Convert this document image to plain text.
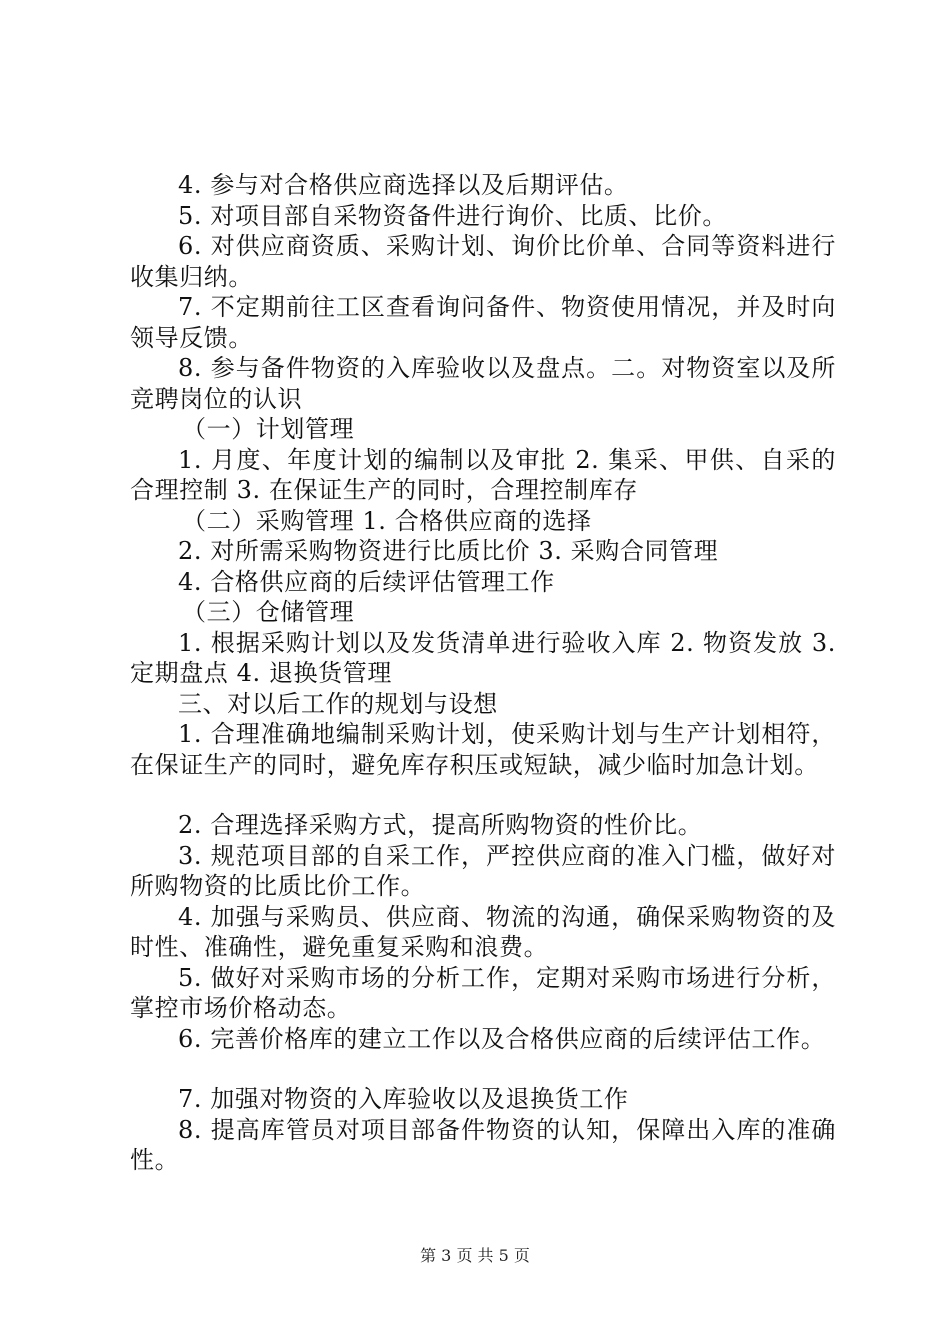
4. 参与对合格供应商选择以及后期评估。

5. 对项目部自采物资备件进行询价、比质、比价。

6. 对供应商资质、采购计划、询价比价单、合同等资料进行收集归纳。

7. 不定期前往工区查看询问备件、物资使用情况，并及时向领导反馈。

8. 参与备件物资的入库验收以及盘点。二。对物资室以及所竞聘岗位的认识

（一）计划管理

1. 月度、年度计划的编制以及审批 2. 集采、甲供、自采的合理控制 3. 在保证生产的同时，合理控制库存

（二）采购管理 1. 合格供应商的选择

2. 对所需采购物资进行比质比价 3. 采购合同管理

4. 合格供应商的后续评估管理工作

（三）仓储管理

1. 根据采购计划以及发货清单进行验收入库 2. 物资发放 3. 定期盘点 4. 退换货管理

三、对以后工作的规划与设想

1. 合理准确地编制采购计划，使采购计划与生产计划相符，在保证生产的同时，避免库存积压或短缺，减少临时加急计划。

2. 合理选择采购方式，提高所购物资的性价比。

3. 规范项目部的自采工作，严控供应商的准入门槛，做好对所购物资的比质比价工作。

4. 加强与采购员、供应商、物流的沟通，确保采购物资的及时性、准确性，避免重复采购和浪费。

5. 做好对采购市场的分析工作，定期对采购市场进行分析，掌控市场价格动态。

6. 完善价格库的建立工作以及合格供应商的后续评估工作。

7. 加强对物资的入库验收以及退换货工作

8. 提高库管员对项目部备件物资的认知，保障出入库的准确性。

第 3 页 共 5 页
